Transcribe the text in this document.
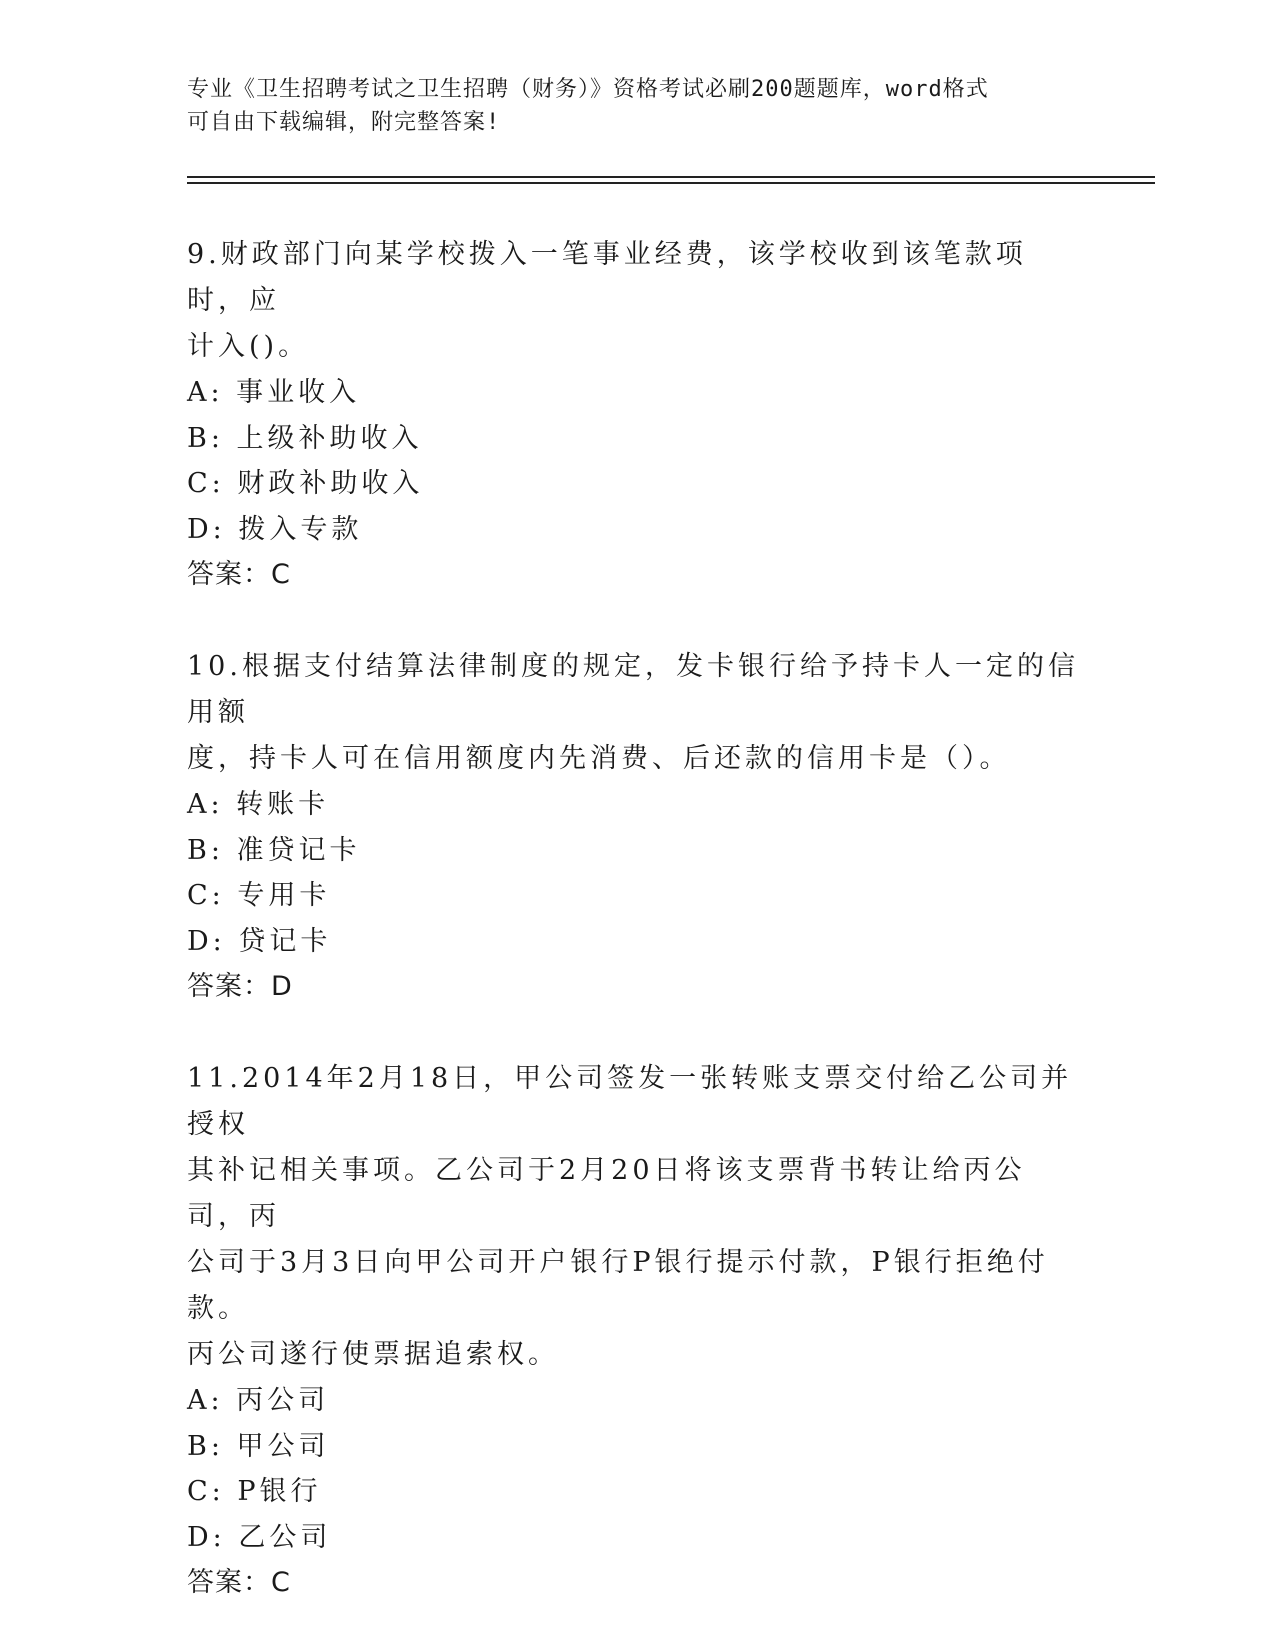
专业《卫生招聘考试之卫生招聘（财务）》资格考试必刷200题题库，word格式
可自由下载编辑，附完整答案!

9.财政部门向某学校拨入一笔事业经费，该学校收到该笔款项时，应

计入()。

A: 事业收入

B: 上级补助收入

C: 财政补助收入

D: 拨入专款

答案：C

10.根据支付结算法律制度的规定，发卡银行给予持卡人一定的信用额

度，持卡人可在信用额度内先消费、后还款的信用卡是（）。

A: 转账卡

B: 准贷记卡

C: 专用卡

D: 贷记卡

答案：D

11.2014年2月18日，甲公司签发一张转账支票交付给乙公司并授权

其补记相关事项。乙公司于2月20日将该支票背书转让给丙公司，丙

公司于3月3日向甲公司开户银行P银行提示付款，P银行拒绝付款。

丙公司遂行使票据追索权。

A: 丙公司

B: 甲公司

C: P银行

D: 乙公司

答案：C
